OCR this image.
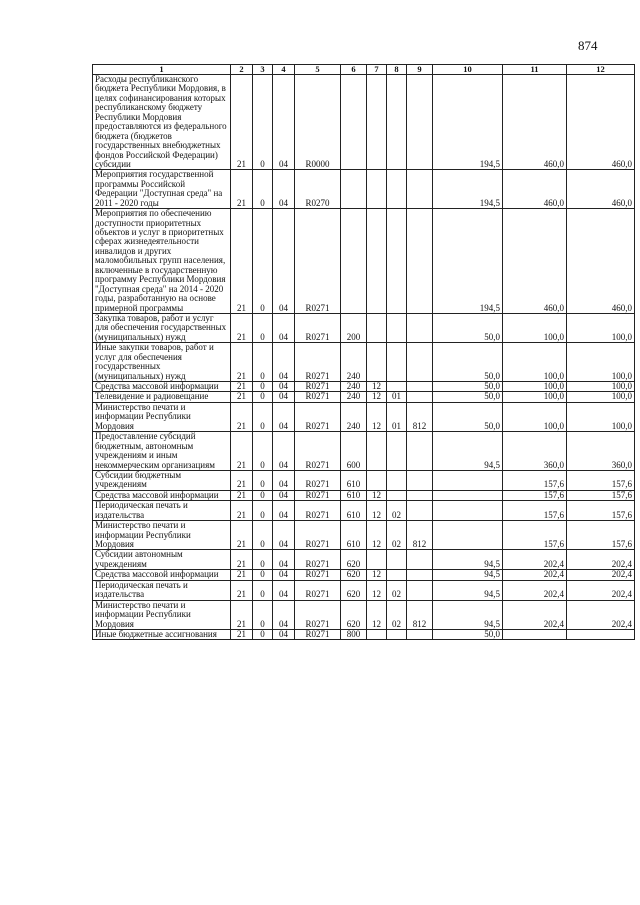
874
1	2	3	4	5	6	7	8	9	10	11	12
Расходы республиканского бюджета Республики Мордовия, в целях софинансирования которых республиканскому бюджету Республики Мордовия предоставляются из федерального бюджета (бюджетов государственных внебюджетных фондов Российской Федерации) субсидии	21	0	04	R0000					194,5	460,0	460,0
Мероприятия государственной программы Российской Федерации "Доступная среда" на 2011 - 2020 годы	21	0	04	R0270					194,5	460,0	460,0
Мероприятия по обеспечению доступности приоритетных объектов и услуг в приоритетных сферах жизнедеятельности инвалидов и других маломобильных групп населения, включенные в государственную программу Республики Мордовия "Доступная среда" на 2014 - 2020 годы, разработанную на основе примерной программы	21	0	04	R0271					194,5	460,0	460,0
Закупка товаров, работ и услуг для обеспечения государственных (муниципальных) нужд	21	0	04	R0271	200				50,0	100,0	100,0
Иные закупки товаров, работ и услуг для обеспечения государственных (муниципальных) нужд	21	0	04	R0271	240				50,0	100,0	100,0
Средства массовой информации	21	0	04	R0271	240	12			50,0	100,0	100,0
Телевидение и радиовещание	21	0	04	R0271	240	12	01		50,0	100,0	100,0
Министерство печати и информации Республики Мордовия	21	0	04	R0271	240	12	01	812	50,0	100,0	100,0
Предоставление субсидий бюджетным, автономным учреждениям и иным некоммерческим организациям	21	0	04	R0271	600				94,5	360,0	360,0
Субсидии бюджетным учреждениям	21	0	04	R0271	610					157,6	157,6
Средства массовой информации	21	0	04	R0271	610	12				157,6	157,6
Периодическая печать и издательства	21	0	04	R0271	610	12	02			157,6	157,6
Министерство печати и информации Республики Мордовия	21	0	04	R0271	610	12	02	812		157,6	157,6
Субсидии автономным учреждениям	21	0	04	R0271	620				94,5	202,4	202,4
Средства массовой информации	21	0	04	R0271	620	12			94,5	202,4	202,4
Периодическая печать и издательства	21	0	04	R0271	620	12	02		94,5	202,4	202,4
Министерство печати и информации Республики Мордовия	21	0	04	R0271	620	12	02	812	94,5	202,4	202,4
Иные бюджетные ассигнования	21	0	04	R0271	800				50,0		
